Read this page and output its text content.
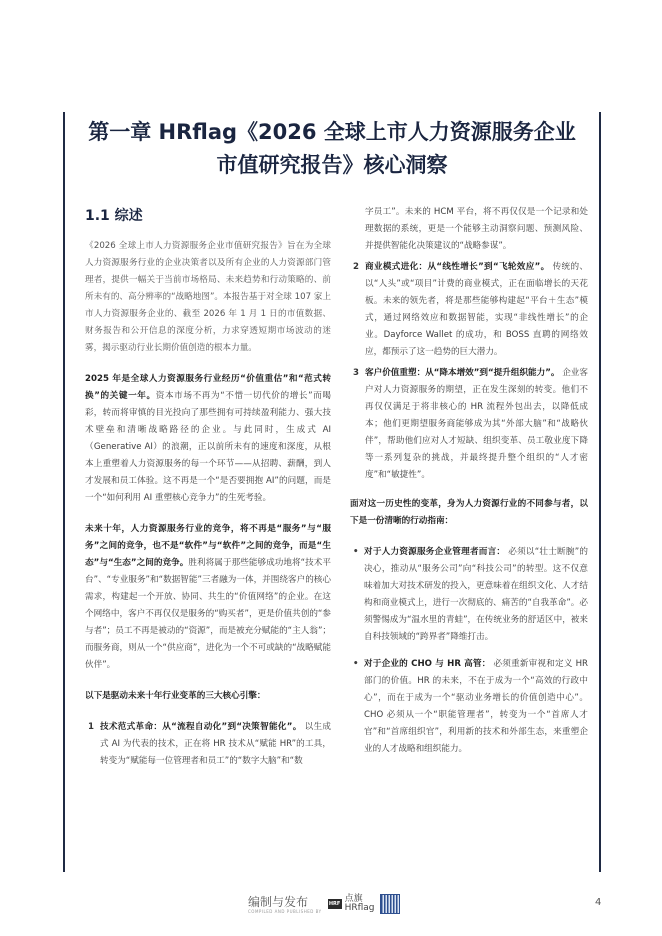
第一章 HRflag《2026 全球上市人力资源服务企业
市值研究报告》核心洞察
1.1 综述

《2026 全球上市人力资源服务企业市值研究报告》旨在为全球人力资源服务行业的企业决策者以及所有企业的人力资源部门管理者，提供一幅关于当前市场格局、未来趋势和行动策略的、前所未有的、高分辨率的“战略地图”。本报告基于对全球 107 家上市人力资源服务企业的、截至 2026 年 1 月 1 日的市值数据、财务报告和公开信息的深度分析，力求穿透短期市场波动的迷雾，揭示驱动行业长期价值创造的根本力量。

2025 年是全球人力资源服务行业经历“价值重估”和“范式转换”的关键一年。资本市场不再为“不惜一切代价的增长”而喝彩，转而将审慎的目光投向了那些拥有可持续盈利能力、强大技术壁垒和清晰战略路径的企业。与此同时，生成式 AI（Generative AI）的浪潮，正以前所未有的速度和深度，从根本上重塑着人力资源服务的每一个环节——从招聘、薪酬，到人才发展和员工体验。这不再是一个“是否要拥抱 AI”的问题，而是一个“如何利用 AI 重塑核心竞争力”的生死考验。

未来十年，人力资源服务行业的竞争，将不再是“服务”与“服务”之间的竞争，也不是“软件”与“软件”之间的竞争，而是“生态”与“生态”之间的竞争。胜利将属于那些能够成功地将“技术平台”、“专业服务”和“数据智能”三者融为一体，并围绕客户的核心需求，构建起一个开放、协同、共生的“价值网络”的企业。在这个网络中，客户不再仅仅是服务的“购买者”，更是价值共创的“参与者”；员工不再是被动的“资源”，而是被充分赋能的“主人翁”；而服务商，则从一个“供应商”，进化为一个不可或缺的“战略赋能伙伴”。

以下是驱动未来十年行业变革的三大核心引擎：

1 技术范式革命：从“流程自动化”到“决策智能化”。 以生成式 AI 为代表的技术，正在将 HR 技术从“赋能 HR”的工具，转变为“赋能每一位管理者和员工”的“数字大脑”和“数
字员工”。未来的 HCM 平台，将不再仅仅是一个记录和处理数据的系统，更是一个能够主动洞察问题、预测风险、并提供智能化决策建议的“战略参谋”。
2 商业模式进化：从“线性增长”到“飞轮效应”。 传统的、以“人头”或“项目”计费的商业模式，正在面临增长的天花板。未来的领先者，将是那些能够构建起“平台＋生态”模式，通过网络效应和数据智能，实现“非线性增长”的企业。Dayforce Wallet 的成功，和 BOSS 直聘的网络效应，都预示了这一趋势的巨大潜力。
3 客户价值重塑：从“降本增效”到“提升组织能力”。 企业客户对人力资源服务的期望，正在发生深刻的转变。他们不再仅仅满足于将非核心的 HR 流程外包出去，以降低成本；他们更期望服务商能够成为其“外部大脑”和“战略伙伴”，帮助他们应对人才短缺、组织变革、员工敬业度下降等一系列复杂的挑战，并最终提升整个组织的“人才密度”和“敏捷性”。

面对这一历史性的变革，身为人力资源行业的不同参与者，以下是一份清晰的行动指南：

• 对于人力资源服务企业管理者而言： 必须以“壮士断腕”的决心，推动从“服务公司”向“科技公司”的转型。这不仅意味着加大对技术研发的投入，更意味着在组织文化、人才结构和商业模式上，进行一次彻底的、痛苦的“自我革命”。必须警惕成为“温水里的青蛙”，在传统业务的舒适区中，被来自科技领域的“跨界者”降维打击。
• 对于企业的 CHO 与 HR 高管： 必须重新审视和定义 HR 部门的价值。HR 的未来，不在于成为一个“高效的行政中心”，而在于成为一个“驱动业务增长的价值创造中心”。CHO 必须从一个“职能管理者”，转变为一个“首席人才官”和“首席组织官”，利用新的技术和外部生态，来重塑企业的人才战略和组织能力。
编制与发布
COMPILED AND PUBLISHED BY
HRF 点旗
HRflag	4
